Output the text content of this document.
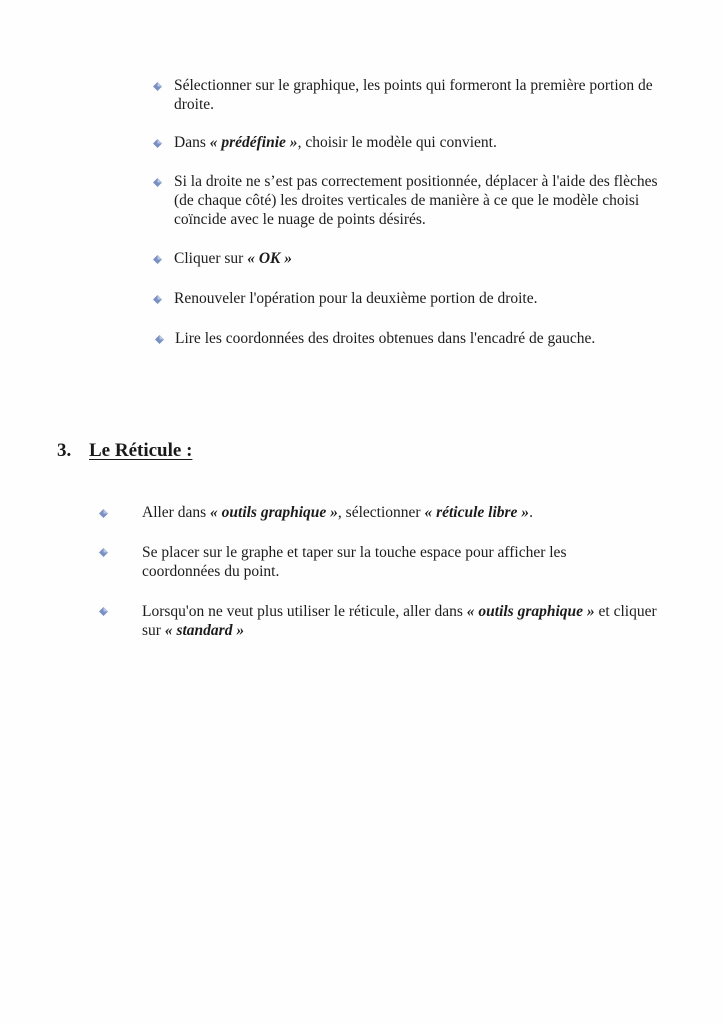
Sélectionner sur le graphique, les points qui formeront la première portion de droite.
Dans « prédéfinie », choisir le modèle qui convient.
Si la droite ne s’est pas correctement positionnée, déplacer à l'aide des flèches (de chaque côté) les droites verticales de manière à ce que le modèle choisi coïncide avec le nuage de points désirés.
Cliquer sur « OK »
Renouveler l'opération pour la deuxième portion de droite.
Lire les coordonnées des droites obtenues dans l'encadré de gauche.
3. Le Réticule :
Aller dans « outils graphique », sélectionner « réticule libre ».
Se placer sur le graphe et taper sur la touche espace pour afficher les coordonnées du point.
Lorsqu'on ne veut plus utiliser le réticule, aller dans « outils graphique » et cliquer sur « standard »
